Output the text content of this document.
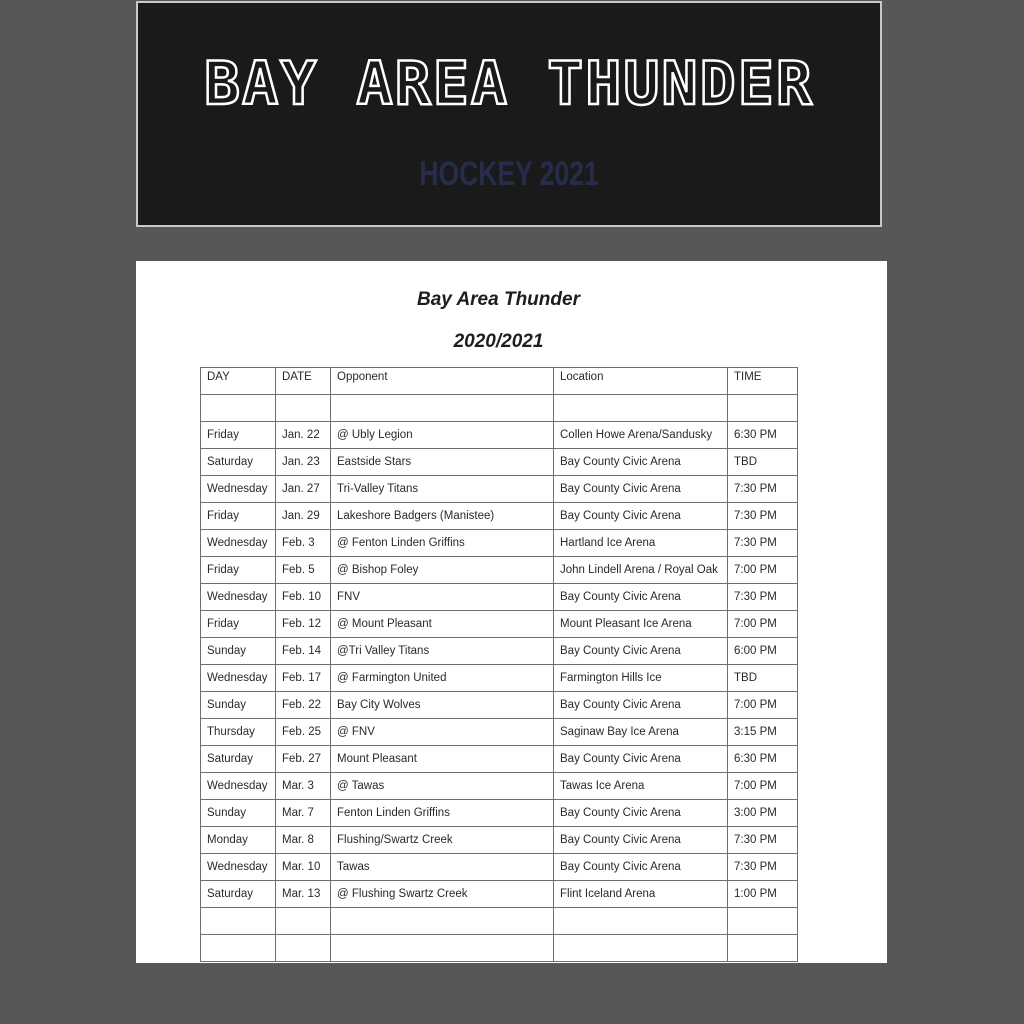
BAY AREA THUNDER
HOCKEY 2021
Bay Area Thunder
2020/2021
DAY	DATE	Opponent	Location	TIME

Friday	Jan. 22	@ Ubly Legion	Collen Howe Arena/Sandusky	6:30 PM
Saturday	Jan. 23	Eastside Stars	Bay County Civic Arena	TBD
Wednesday	Jan. 27	Tri-Valley Titans	Bay County Civic Arena	7:30 PM
Friday	Jan. 29	Lakeshore Badgers (Manistee)	Bay County Civic Arena	7:30 PM
Wednesday	Feb. 3	@ Fenton Linden Griffins	Hartland Ice Arena	7:30 PM
Friday	Feb. 5	@ Bishop Foley	John Lindell Arena / Royal Oak	7:00 PM
Wednesday	Feb. 10	FNV	Bay County Civic Arena	7:30 PM
Friday	Feb. 12	@ Mount Pleasant	Mount Pleasant Ice Arena	7:00 PM
Sunday	Feb. 14	@Tri Valley Titans	Bay County Civic Arena	6:00 PM
Wednesday	Feb. 17	@ Farmington United	Farmington Hills Ice	TBD
Sunday	Feb. 22	Bay City Wolves	Bay County Civic Arena	7:00 PM
Thursday	Feb. 25	@ FNV	Saginaw Bay Ice Arena	3:15 PM
Saturday	Feb. 27	Mount Pleasant	Bay County Civic Arena	6:30 PM
Wednesday	Mar. 3	@ Tawas	Tawas Ice Arena	7:00 PM
Sunday	Mar. 7	Fenton Linden Griffins	Bay County Civic Arena	3:00 PM
Monday	Mar. 8	Flushing/Swartz Creek	Bay County Civic Arena	7:30 PM
Wednesday	Mar. 10	Tawas	Bay County Civic Arena	7:30 PM
Saturday	Mar. 13	@ Flushing Swartz Creek	Flint Iceland Arena	1:00 PM
